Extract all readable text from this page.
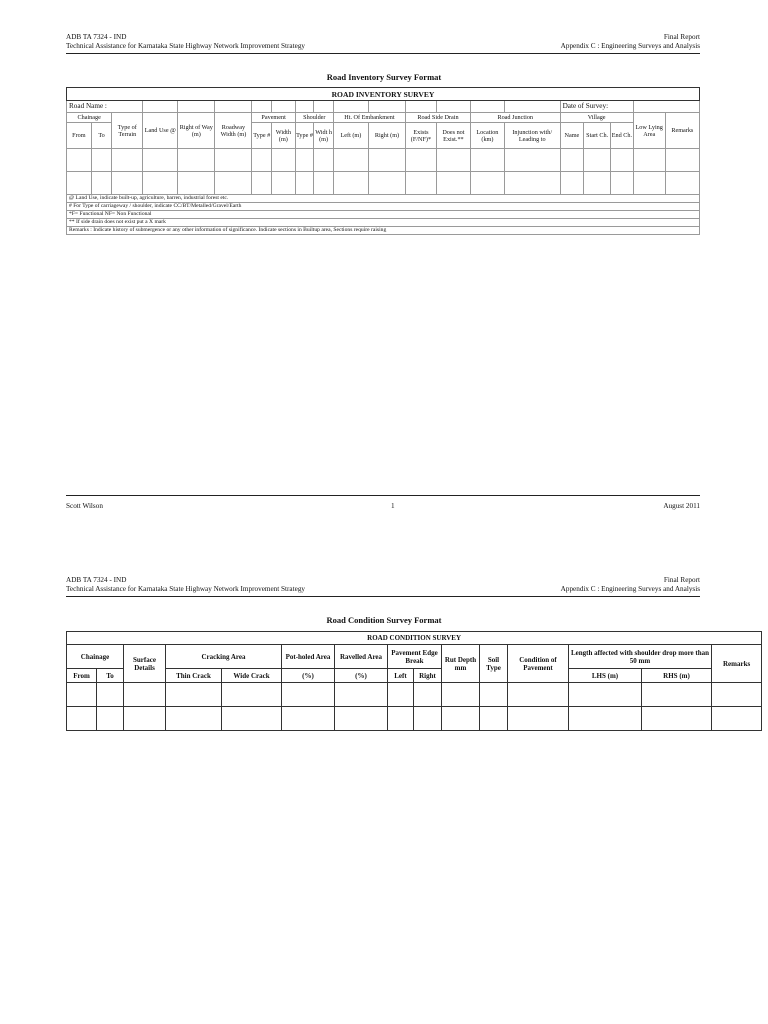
ADB TA 7324 - IND
Technical Assistance for Karnataka State Highway Network Improvement Strategy
Final Report
Appendix C : Engineering Surveys and Analysis
Road Inventory Survey Format
ROAD INVENTORY SURVEY																				
Road Name :																Date of Survey:				
Chainage		Type of Terrain	Land Use @	Right of Way (m)	Roadway Width (m)	Pavement		Shoulder		Ht. Of Embankment		Road Side Drain		Road Junction		Village			Low Lying Area	Remarks
From	To					Type #	Width (m)	Type #	Widt h (m)	Left (m)	Right (m)	Exists (F/NF)*	Does not Exist.**	Location (km)	Injunction with/ Leading to	Name	Start Ch.	End Ch.		

@ Land Use, indicate built-up, agriculture, barren, industrial forest etc.																				
# For Type of carriageway / shoulder, indicate CC/BT/Metalled/Gravel/Earth																				
*F= Functional NF= Non Functional																				
** If side drain does not exist put a X mark																				
Remarks : Indicate history of submergence or any other information of significance. Indicate sections in Builtup area, Sections require raising																				
Scott Wilson	1	August 2011
ADB TA 7324 - IND
Technical Assistance for Karnataka State Highway Network Improvement Strategy
Final Report
Appendix C : Engineering Surveys and Analysis
Road Condition Survey Format
ROAD CONDITION SURVEY														
Chainage		Surface Details	Cracking Area		Pot-holed Area	Ravelled Area	Pavement Edge Break		Rut Depth mm	Soil Type	Condition of Pavement	Length affected with shoulder drop more than 50 mm		Remarks
From	To		Thin Crack	Wide Crack	(%)	(%)	Left	Right				LHS (m)	RHS (m)	
